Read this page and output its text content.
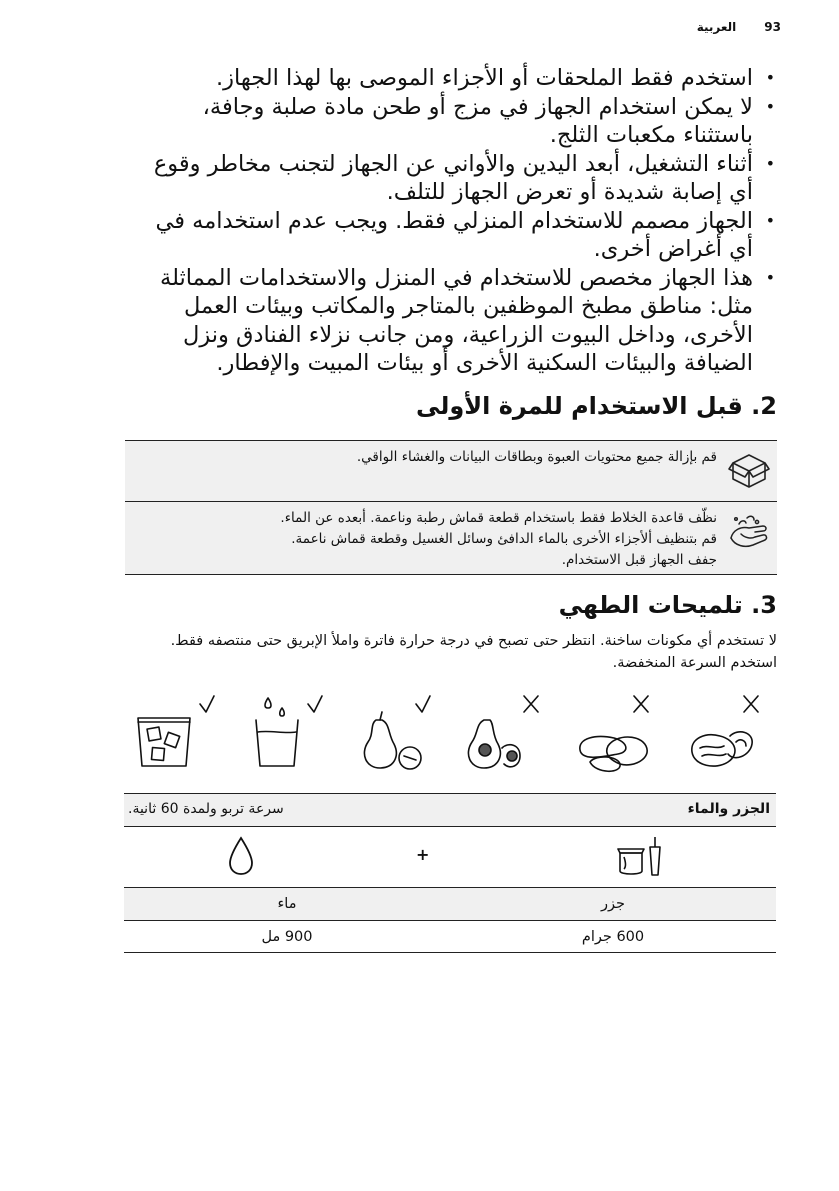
93
العربية
• استخدم فقط الملحقات أو الأجزاء الموصى بها لهذا الجهاز.
• لا يمكن استخدام الجهاز في مزج أو طحن مادة صلبة وجافة، باستثناء مكعبات الثلج.
• أثناء التشغيل، أبعد اليدين والأواني عن الجهاز لتجنب مخاطر وقوع أي إصابة شديدة أو تعرض الجهاز للتلف.
• الجهاز مصمم للاستخدام المنزلي فقط. ويجب عدم استخدامه في أي أغراض أخرى.
• هذا الجهاز مخصص للاستخدام في المنزل والاستخدامات المماثلة مثل: مناطق مطبخ الموظفين بالمتاجر والمكاتب وبيئات العمل الأخرى، وداخل البيوت الزراعية، ومن جانب نزلاء الفنادق ونزل الضيافة والبيئات السكنية الأخرى أو بيئات المبيت والإفطار.
2. قبل الاستخدام للمرة الأولى
قم بإزالة جميع محتويات العبوة وبطاقات البيانات والغشاء الواقي.
نظّف قاعدة الخلاط فقط باستخدام قطعة قماش رطبة وناعمة. أبعده عن الماء.
قم بتنظيف ألأجزاء الأخرى بالماء الدافئ وسائل الغسيل وقطعة قماش ناعمة.
جفف الجهاز قبل الاستخدام.
3. تلميحات الطهي

لا تستخدم أي مكونات ساخنة. انتظر حتى تصبح في درجة حرارة فاترة واملأ الإبريق حتى منتصفه فقط. استخدم السرعة المنخفضة.

الجزر والماء
سرعة تربو ولمدة 60 ثانية.
+
جزر
ماء
600 جرام
900 مل
